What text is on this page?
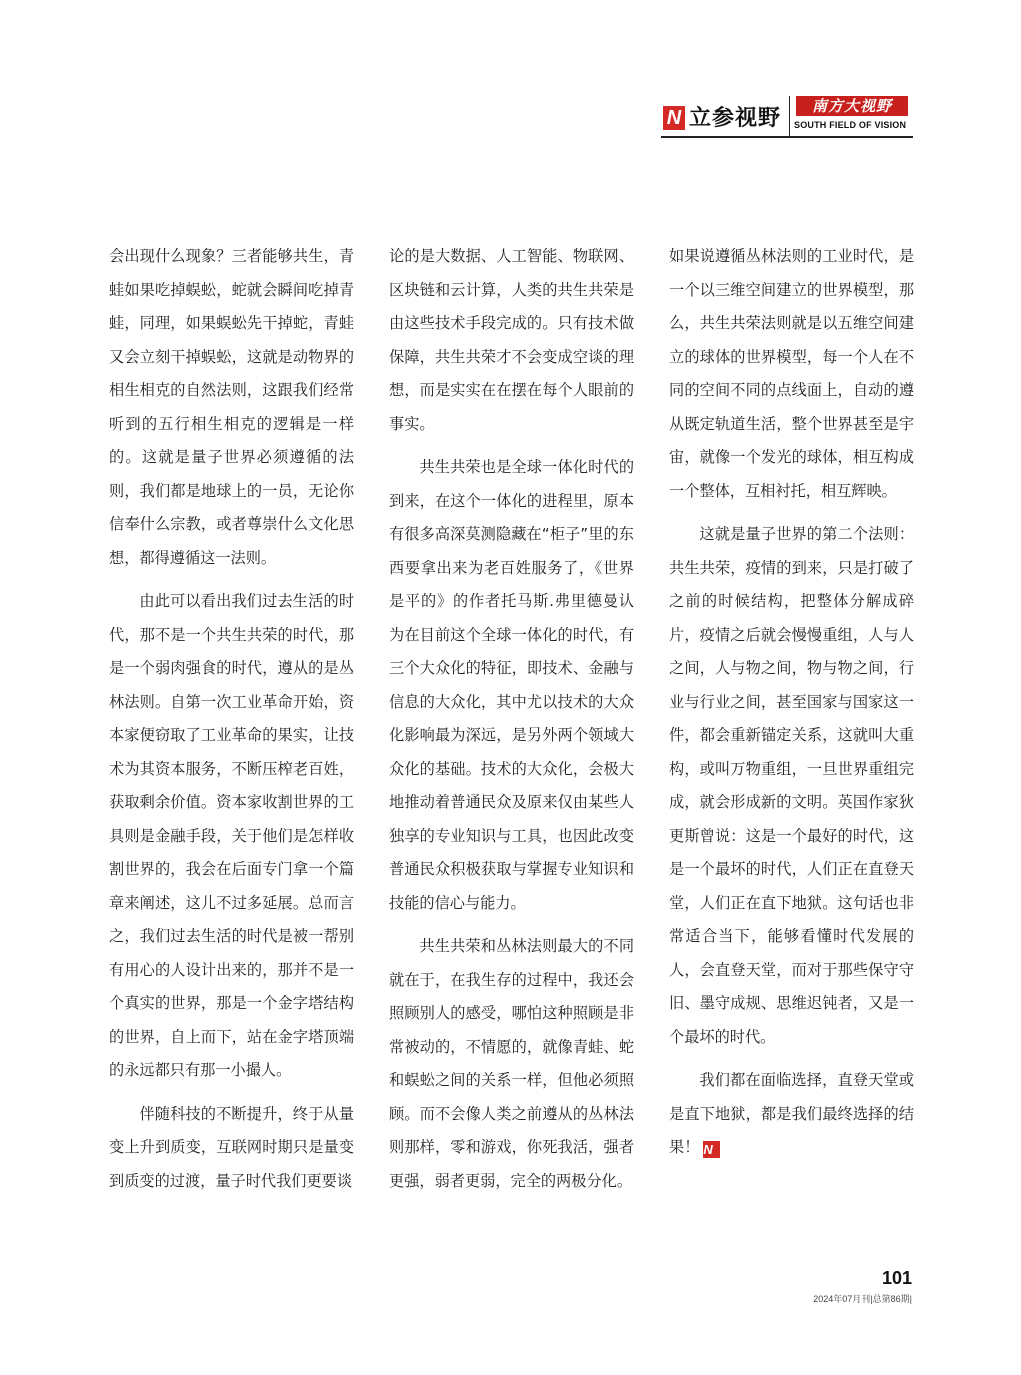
N 立参视野	南方大视野
SOUTH FIELD OF VISION

会出现什么现象？三者能够共生，青蛙如果吃掉蜈蚣，蛇就会瞬间吃掉青蛙，同理，如果蜈蚣先干掉蛇，青蛙又会立刻干掉蜈蚣，这就是动物界的相生相克的自然法则，这跟我们经常听到的五行相生相克的逻辑是一样的。这就是量子世界必须遵循的法则，我们都是地球上的一员，无论你信奉什么宗教，或者尊崇什么文化思想，都得遵循这一法则。

由此可以看出我们过去生活的时代，那不是一个共生共荣的时代，那是一个弱肉强食的时代，遵从的是丛林法则。自第一次工业革命开始，资本家便窃取了工业革命的果实，让技术为其资本服务，不断压榨老百姓，获取剩余价值。资本家收割世界的工具则是金融手段，关于他们是怎样收割世界的，我会在后面专门拿一个篇章来阐述，这儿不过多延展。总而言之，我们过去生活的时代是被一帮别有用心的人设计出来的，那并不是一个真实的世界，那是一个金字塔结构的世界，自上而下，站在金字塔顶端的永远都只有那一小撮人。

伴随科技的不断提升，终于从量变上升到质变，互联网时期只是量变到质变的过渡，量子时代我们更要谈

论的是大数据、人工智能、物联网、区块链和云计算，人类的共生共荣是由这些技术手段完成的。只有技术做保障，共生共荣才不会变成空谈的理想，而是实实在在摆在每个人眼前的事实。

共生共荣也是全球一体化时代的到来，在这个一体化的进程里，原本有很多高深莫测隐藏在“柜子”里的东西要拿出来为老百姓服务了，《世界是平的》的作者托马斯.弗里德曼认为在目前这个全球一体化的时代，有三个大众化的特征，即技术、金融与信息的大众化，其中尤以技术的大众化影响最为深远，是另外两个领域大众化的基础。技术的大众化，会极大地推动着普通民众及原来仅由某些人独享的专业知识与工具，也因此改变普通民众积极获取与掌握专业知识和技能的信心与能力。

共生共荣和丛林法则最大的不同就在于，在我生存的过程中，我还会照顾别人的感受，哪怕这种照顾是非常被动的，不情愿的，就像青蛙、蛇和蜈蚣之间的关系一样，但他必须照顾。而不会像人类之前遵从的丛林法则那样，零和游戏，你死我活，强者更强，弱者更弱，完全的两极分化。

如果说遵循丛林法则的工业时代，是一个以三维空间建立的世界模型，那么，共生共荣法则就是以五维空间建立的球体的世界模型，每一个人在不同的空间不同的点线面上，自动的遵从既定轨道生活，整个世界甚至是宇宙，就像一个发光的球体，相互构成一个整体，互相衬托，相互辉映。

这就是量子世界的第二个法则：共生共荣，疫情的到来，只是打破了之前的时候结构，把整体分解成碎片，疫情之后就会慢慢重组，人与人之间，人与物之间，物与物之间，行业与行业之间，甚至国家与国家这一件，都会重新锚定关系，这就叫大重构，或叫万物重组，一旦世界重组完成，就会形成新的文明。英国作家狄更斯曾说：这是一个最好的时代，这是一个最坏的时代，人们正在直登天堂，人们正在直下地狱。这句话也非常适合当下，能够看懂时代发展的人，会直登天堂，而对于那些保守守旧、墨守成规、思维迟钝者，又是一个最坏的时代。

我们都在面临选择，直登天堂或是直下地狱，都是我们最终选择的结果！ N

101
2024年07月刊|总第86期|
